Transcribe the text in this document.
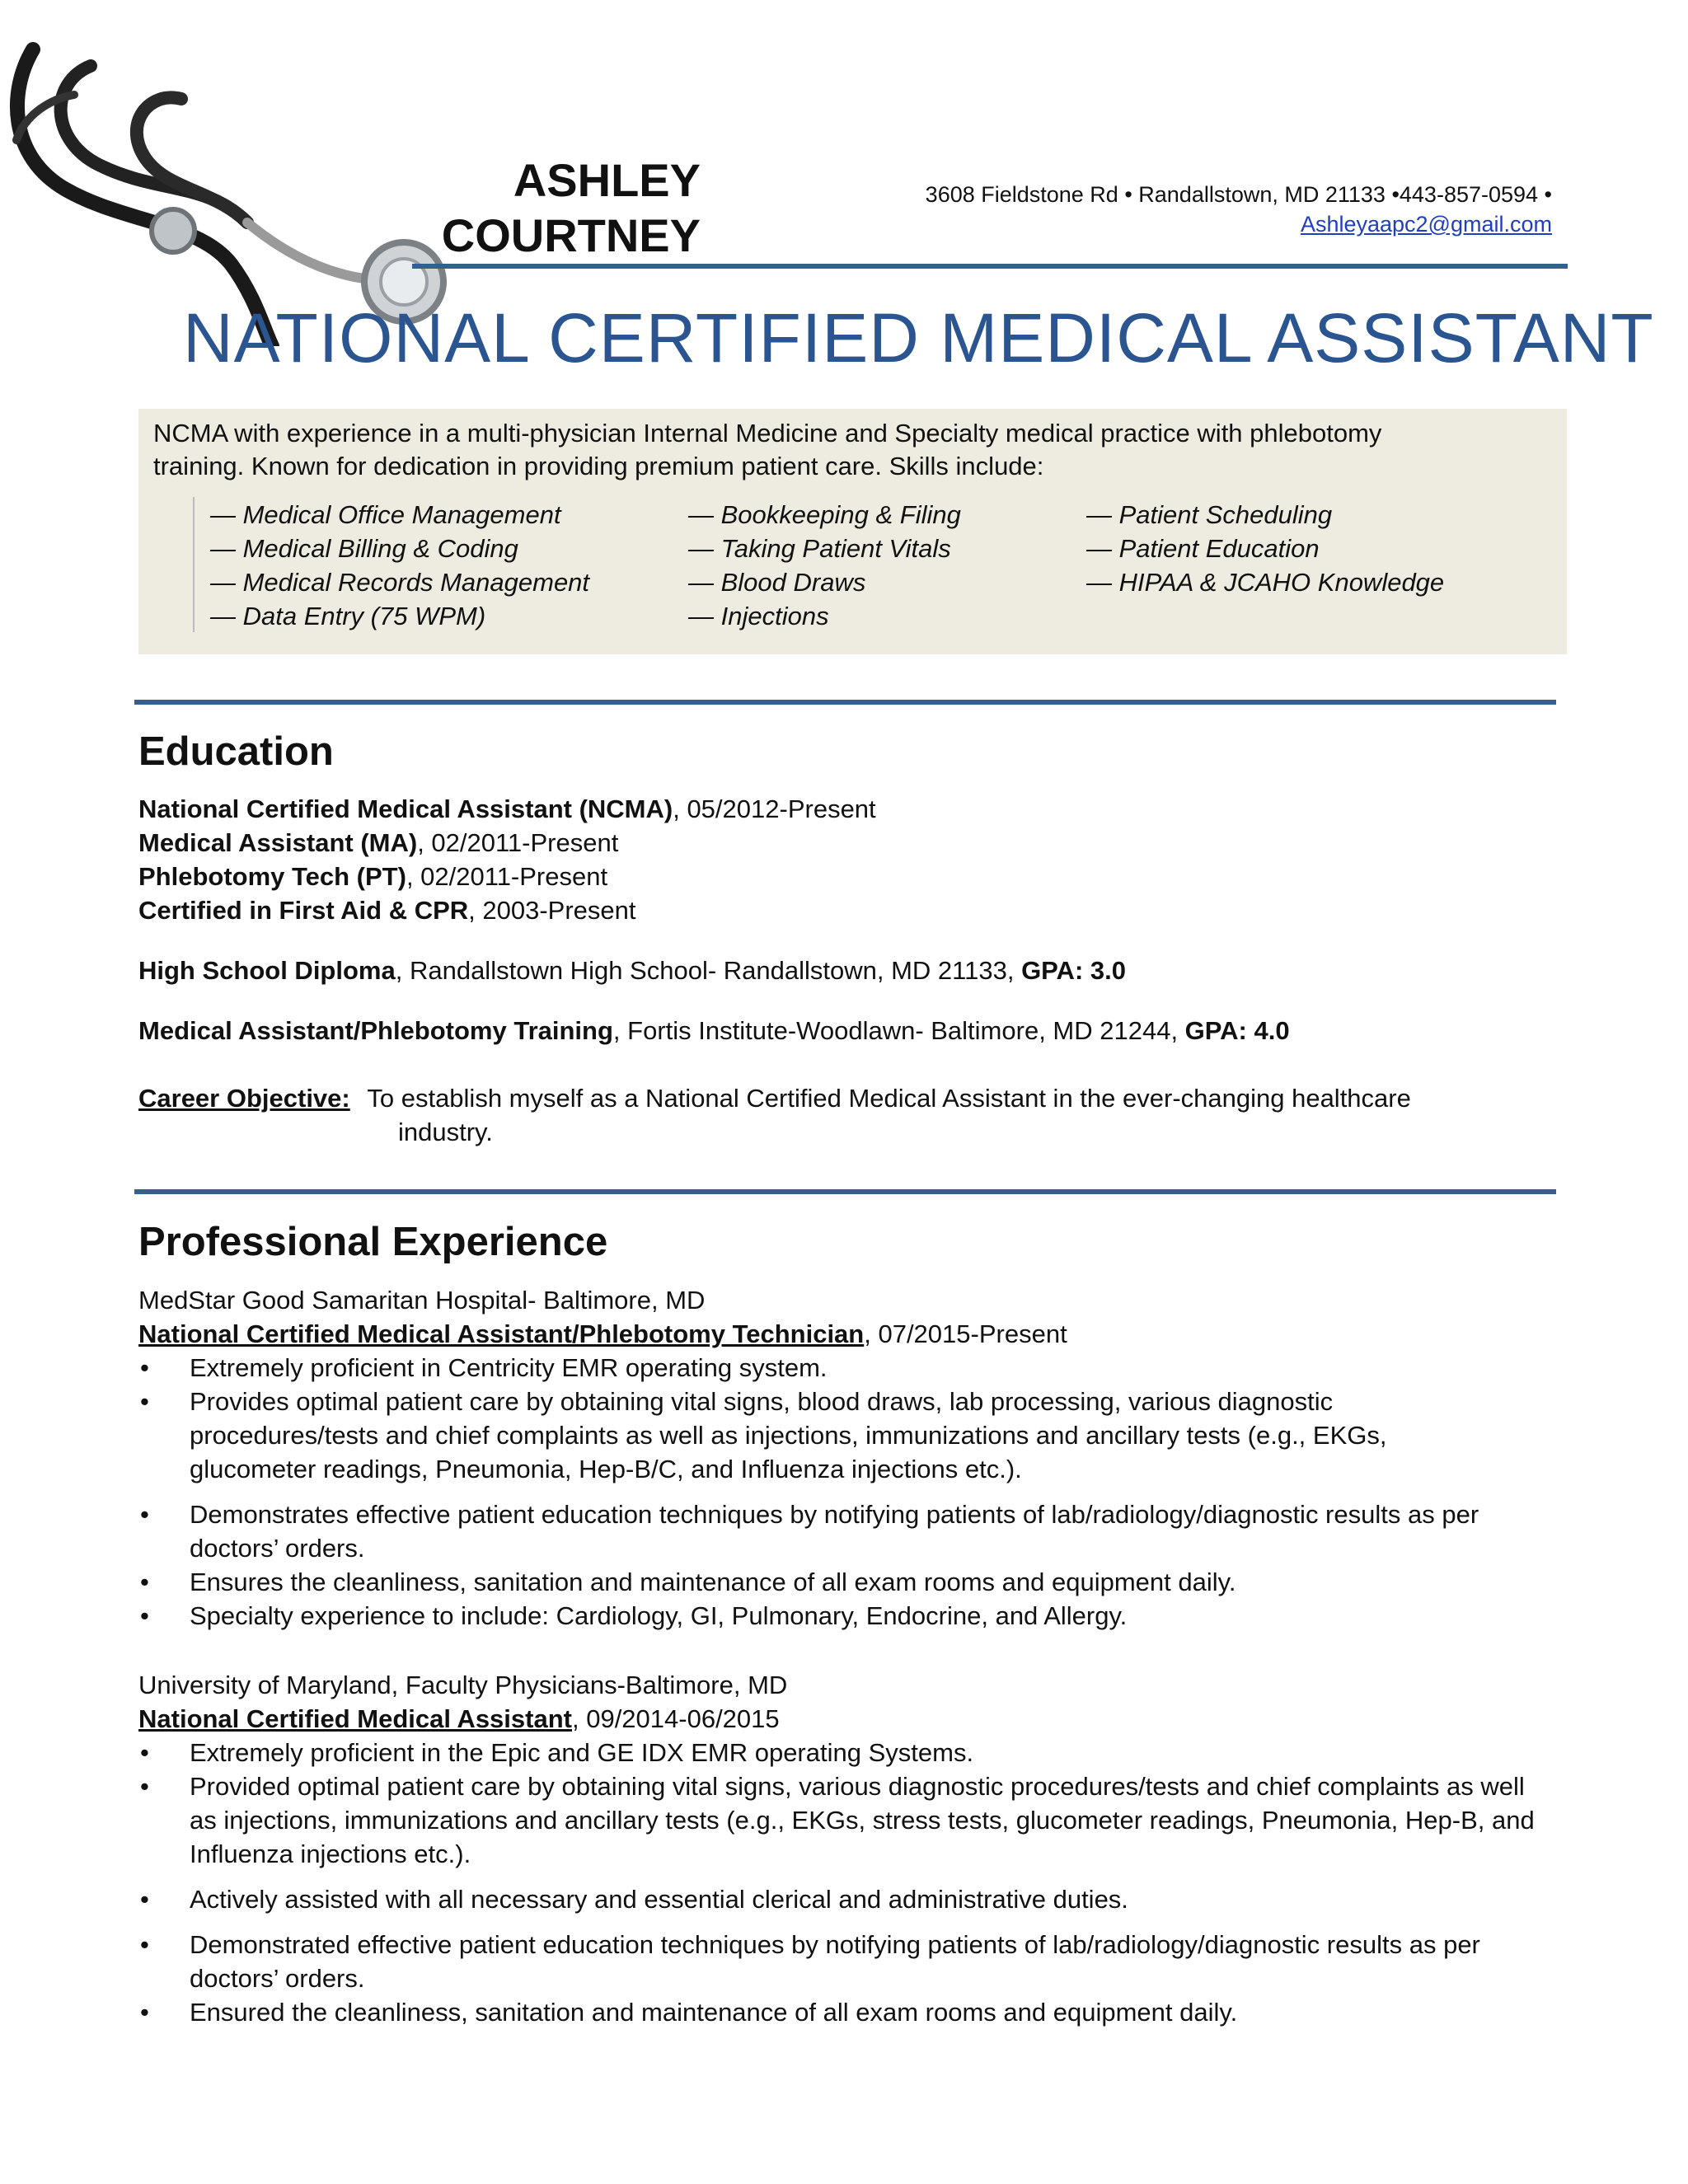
ASHLEY
COURTNEY
3608 Fieldstone Rd • Randallstown, MD 21133 •443-857-0594 •
Ashleyaapc2@gmail.com
NATIONAL CERTIFIED MEDICAL ASSISTANT
NCMA with experience in a multi-physician Internal Medicine and Specialty medical practice with phlebotomy
training. Known for dedication in providing premium patient care. Skills include:
— Medical Office Management
— Medical Billing & Coding
— Medical Records Management
— Data Entry (75 WPM)
— Bookkeeping & Filing
— Taking Patient Vitals
— Blood Draws
— Injections
— Patient Scheduling
— Patient Education
— HIPAA & JCAHO Knowledge
Education
National Certified Medical Assistant (NCMA), 05/2012-Present
Medical Assistant (MA), 02/2011-Present
Phlebotomy Tech (PT), 02/2011-Present
Certified in First Aid & CPR, 2003-Present
High School Diploma, Randallstown High School- Randallstown, MD 21133, GPA: 3.0
Medical Assistant/Phlebotomy Training, Fortis Institute-Woodlawn- Baltimore, MD 21244, GPA: 4.0
Career Objective: To establish myself as a National Certified Medical Assistant in the ever-changing healthcare
industry.
Professional Experience
MedStar Good Samaritan Hospital- Baltimore, MD
National Certified Medical Assistant/Phlebotomy Technician, 07/2015-Present
• Extremely proficient in Centricity EMR operating system.
• Provides optimal patient care by obtaining vital signs, blood draws, lab processing, various diagnostic procedures/tests and chief complaints as well as injections, immunizations and ancillary tests (e.g., EKGs, glucometer readings, Pneumonia, Hep-B/C, and Influenza injections etc.).
• Demonstrates effective patient education techniques by notifying patients of lab/radiology/diagnostic results as per doctors’ orders.
• Ensures the cleanliness, sanitation and maintenance of all exam rooms and equipment daily.
• Specialty experience to include: Cardiology, GI, Pulmonary, Endocrine, and Allergy.
University of Maryland, Faculty Physicians-Baltimore, MD
National Certified Medical Assistant, 09/2014-06/2015
• Extremely proficient in the Epic and GE IDX EMR operating Systems.
• Provided optimal patient care by obtaining vital signs, various diagnostic procedures/tests and chief complaints as well as injections, immunizations and ancillary tests (e.g., EKGs, stress tests, glucometer readings, Pneumonia, Hep-B, and Influenza injections etc.).
• Actively assisted with all necessary and essential clerical and administrative duties.
• Demonstrated effective patient education techniques by notifying patients of lab/radiology/diagnostic results as per doctors’ orders.
• Ensured the cleanliness, sanitation and maintenance of all exam rooms and equipment daily.
